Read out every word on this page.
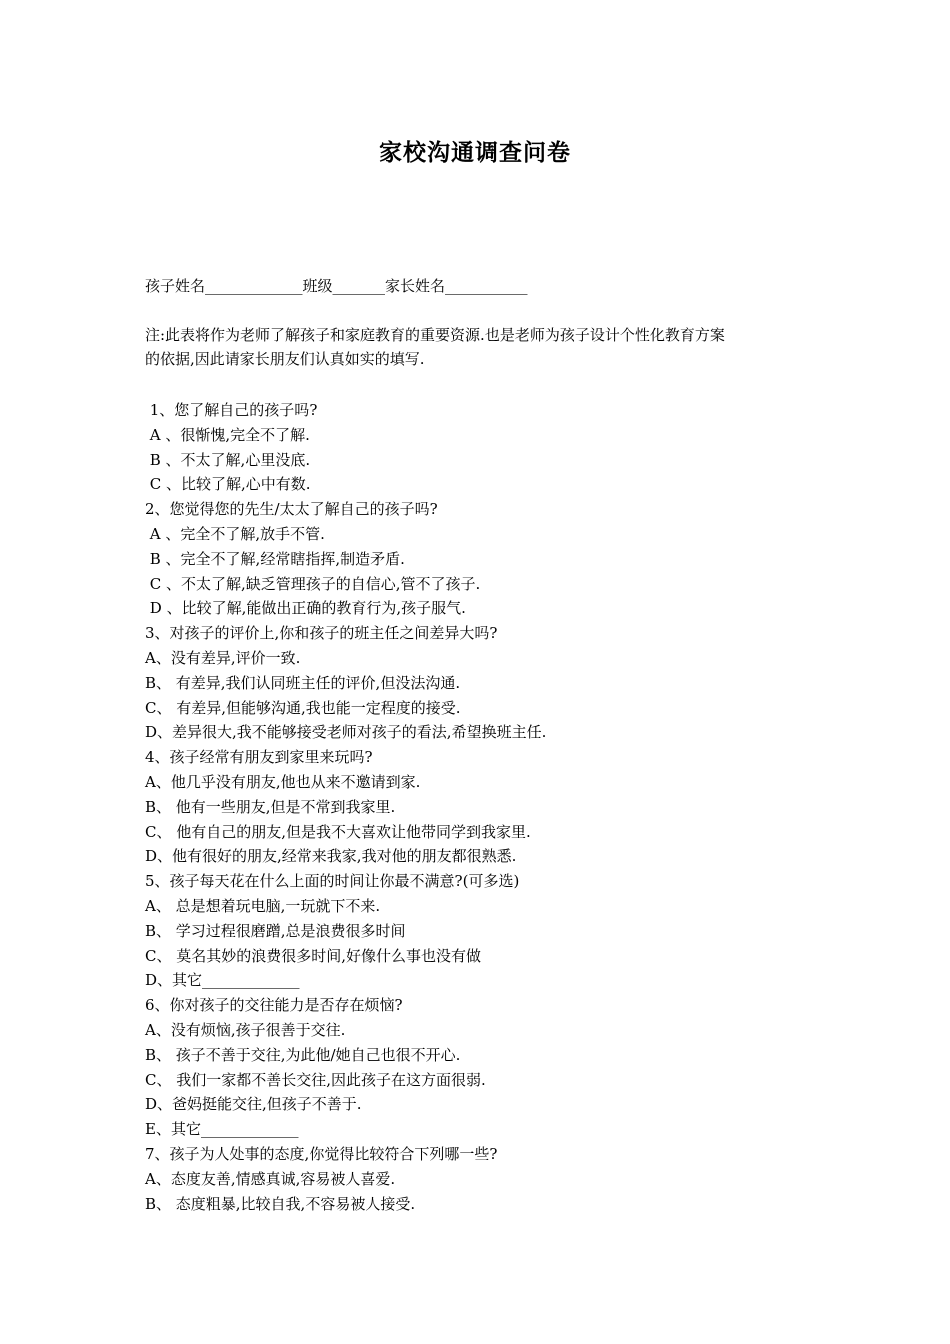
家校沟通调查问卷
孩子姓名_____________班级_______家长姓名___________
注:此表将作为老师了解孩子和家庭教育的重要资源.也是老师为孩子设计个性化教育方案
的依据,因此请家长朋友们认真如实的填写.
1、您了解自己的孩子吗?
A 、很惭愧,完全不了解.
B 、不太了解,心里没底.
C 、比较了解,心中有数.
2、您觉得您的先生/太太了解自己的孩子吗?
A 、完全不了解,放手不管.
B 、完全不了解,经常瞎指挥,制造矛盾.
C 、不太了解,缺乏管理孩子的自信心,管不了孩子.
D 、比较了解,能做出正确的教育行为,孩子服气.
3、对孩子的评价上,你和孩子的班主任之间差异大吗?
A、没有差异,评价一致.
B、 有差异,我们认同班主任的评价,但没法沟通.
C、 有差异,但能够沟通,我也能一定程度的接受.
D、差异很大,我不能够接受老师对孩子的看法,希望换班主任.
4、孩子经常有朋友到家里来玩吗?
A、他几乎没有朋友,他也从来不邀请到家.
B、 他有一些朋友,但是不常到我家里.
C、 他有自己的朋友,但是我不大喜欢让他带同学到我家里.
D、他有很好的朋友,经常来我家,我对他的朋友都很熟悉.
5、孩子每天花在什么上面的时间让你最不满意?(可多选)
A、 总是想着玩电脑,一玩就下不来.
B、 学习过程很磨蹭,总是浪费很多时间
C、 莫名其妙的浪费很多时间,好像什么事也没有做
D、其它_____________
6、你对孩子的交往能力是否存在烦恼?
A、没有烦恼,孩子很善于交往.
B、 孩子不善于交往,为此他/她自己也很不开心.
C、 我们一家都不善长交往,因此孩子在这方面很弱.
D、爸妈挺能交往,但孩子不善于.
E、其它_____________
7、孩子为人处事的态度,你觉得比较符合下列哪一些?
A、态度友善,情感真诚,容易被人喜爱.
B、 态度粗暴,比较自我,不容易被人接受.
